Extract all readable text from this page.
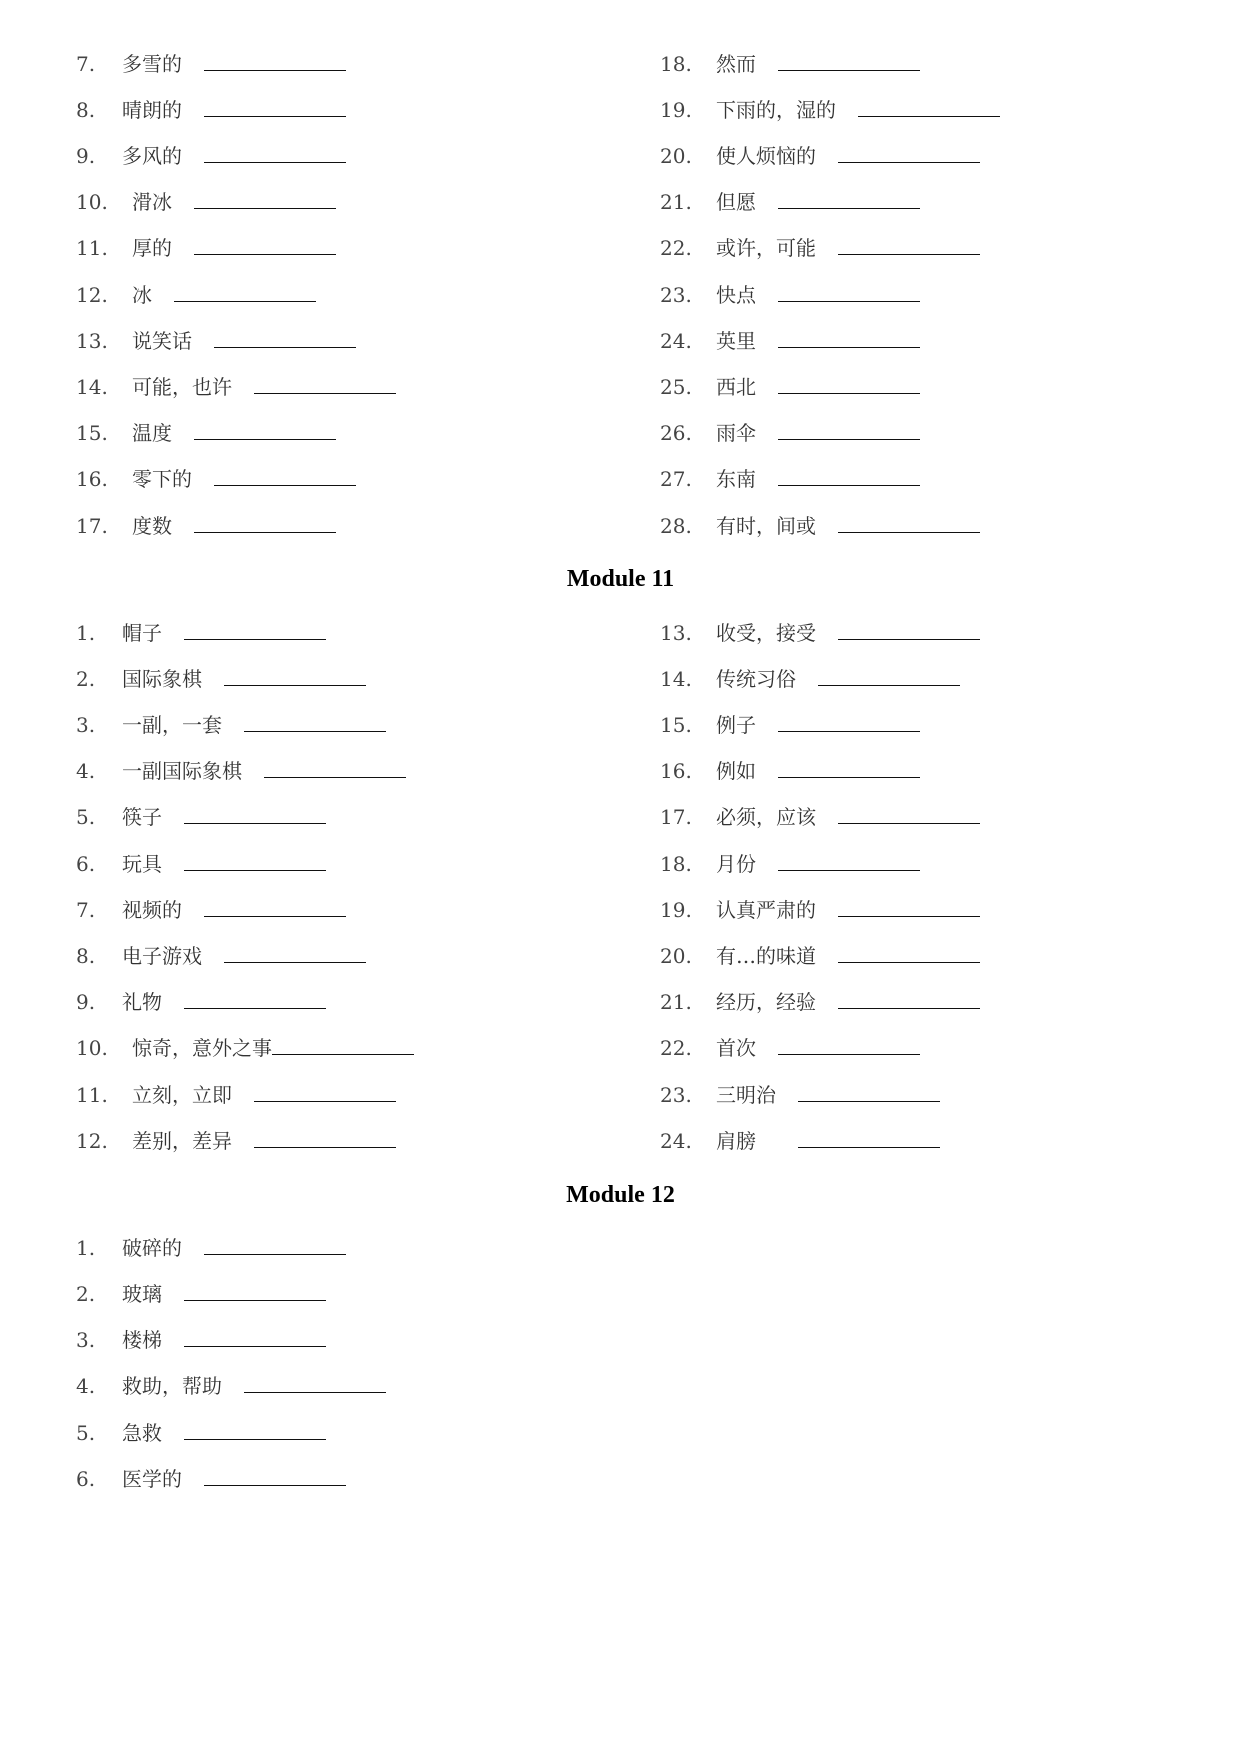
7.	多雪的
8.	晴朗的
9.	多风的
10.	滑冰
11.	厚的
12.	冰
13.	说笑话
14.	可能，也许
15.	温度
16.	零下的
17.	度数
18.	然而
19.	下雨的，湿的
20.	使人烦恼的
21.	但愿
22.	或许，可能
23.	快点
24.	英里
25.	西北
26.	雨伞
27.	东南
28.	有时，间或
Module 11
1.	帽子
2.	国际象棋
3.	一副，一套
4.	一副国际象棋
5.	筷子
6.	玩具
7.	视频的
8.	电子游戏
9.	礼物
10.	惊奇，意外之事
11.	立刻，立即
12.	差别，差异
13.	收受，接受
14.	传统习俗
15.	例子
16.	例如
17.	必须，应该
18.	月份
19.	认真严肃的
20.	有…的味道
21.	经历，经验
22.	首次
23.	三明治
24.	肩膀
Module 12
1.	破碎的
2.	玻璃
3.	楼梯
4.	救助，帮助
5.	急救
6.	医学的
